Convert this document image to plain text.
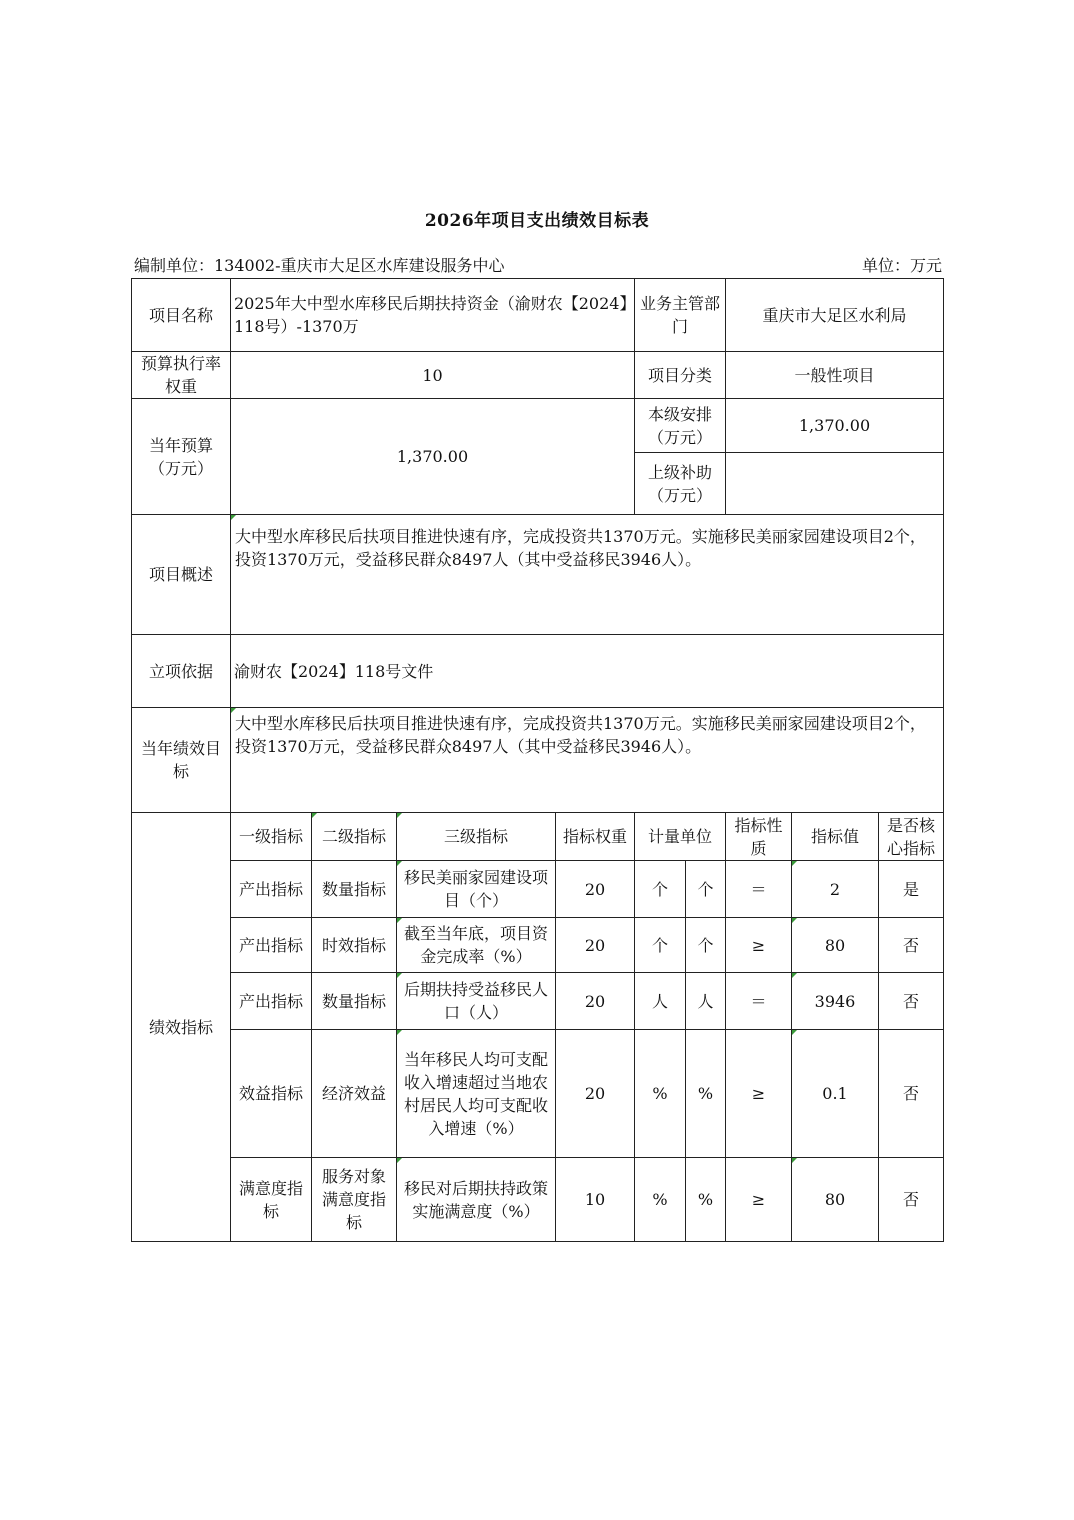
2026年项目支出绩效目标表
编制单位：134002-重庆市大足区水库建设服务中心	单位：万元
项目名称	2025年大中型水库移民后期扶持资金（渝财农【2024】118号）-1370万				业务主管部门		重庆市大足区水利局		
预算执行率权重	10				项目分类		一般性项目		
当年预算（万元）	1,370.00				本级安排（万元）		1,370.00		
					上级补助（万元）				
项目概述	大中型水库移民后扶项目推进快速有序，完成投资共1370万元。实施移民美丽家园建设项目2个，投资1370万元，受益移民群众8497人（其中受益移民3946人）。								
立项依据	渝财农【2024】118号文件								
当年绩效目标	大中型水库移民后扶项目推进快速有序，完成投资共1370万元。实施移民美丽家园建设项目2个，投资1370万元，受益移民群众8497人（其中受益移民3946人）。								
绩效指标	一级指标	二级指标	三级指标	指标权重	计量单位		指标性质	指标值	是否核心指标
	产出指标	数量指标	移民美丽家园建设项目（个）	20	个	个	＝	2	是
	产出指标	时效指标	截至当年底，项目资金完成率（%）	20	个	个	≥	80	否
	产出指标	数量指标	后期扶持受益移民人口（人）	20	人	人	＝	3946	否
	效益指标	经济效益	当年移民人均可支配收入增速超过当地农村居民人均可支配收入增速（%）	20	%	%	≥	0.1	否
	满意度指标	服务对象满意度指标	移民对后期扶持政策实施满意度（%）	10	%	%	≥	80	否
